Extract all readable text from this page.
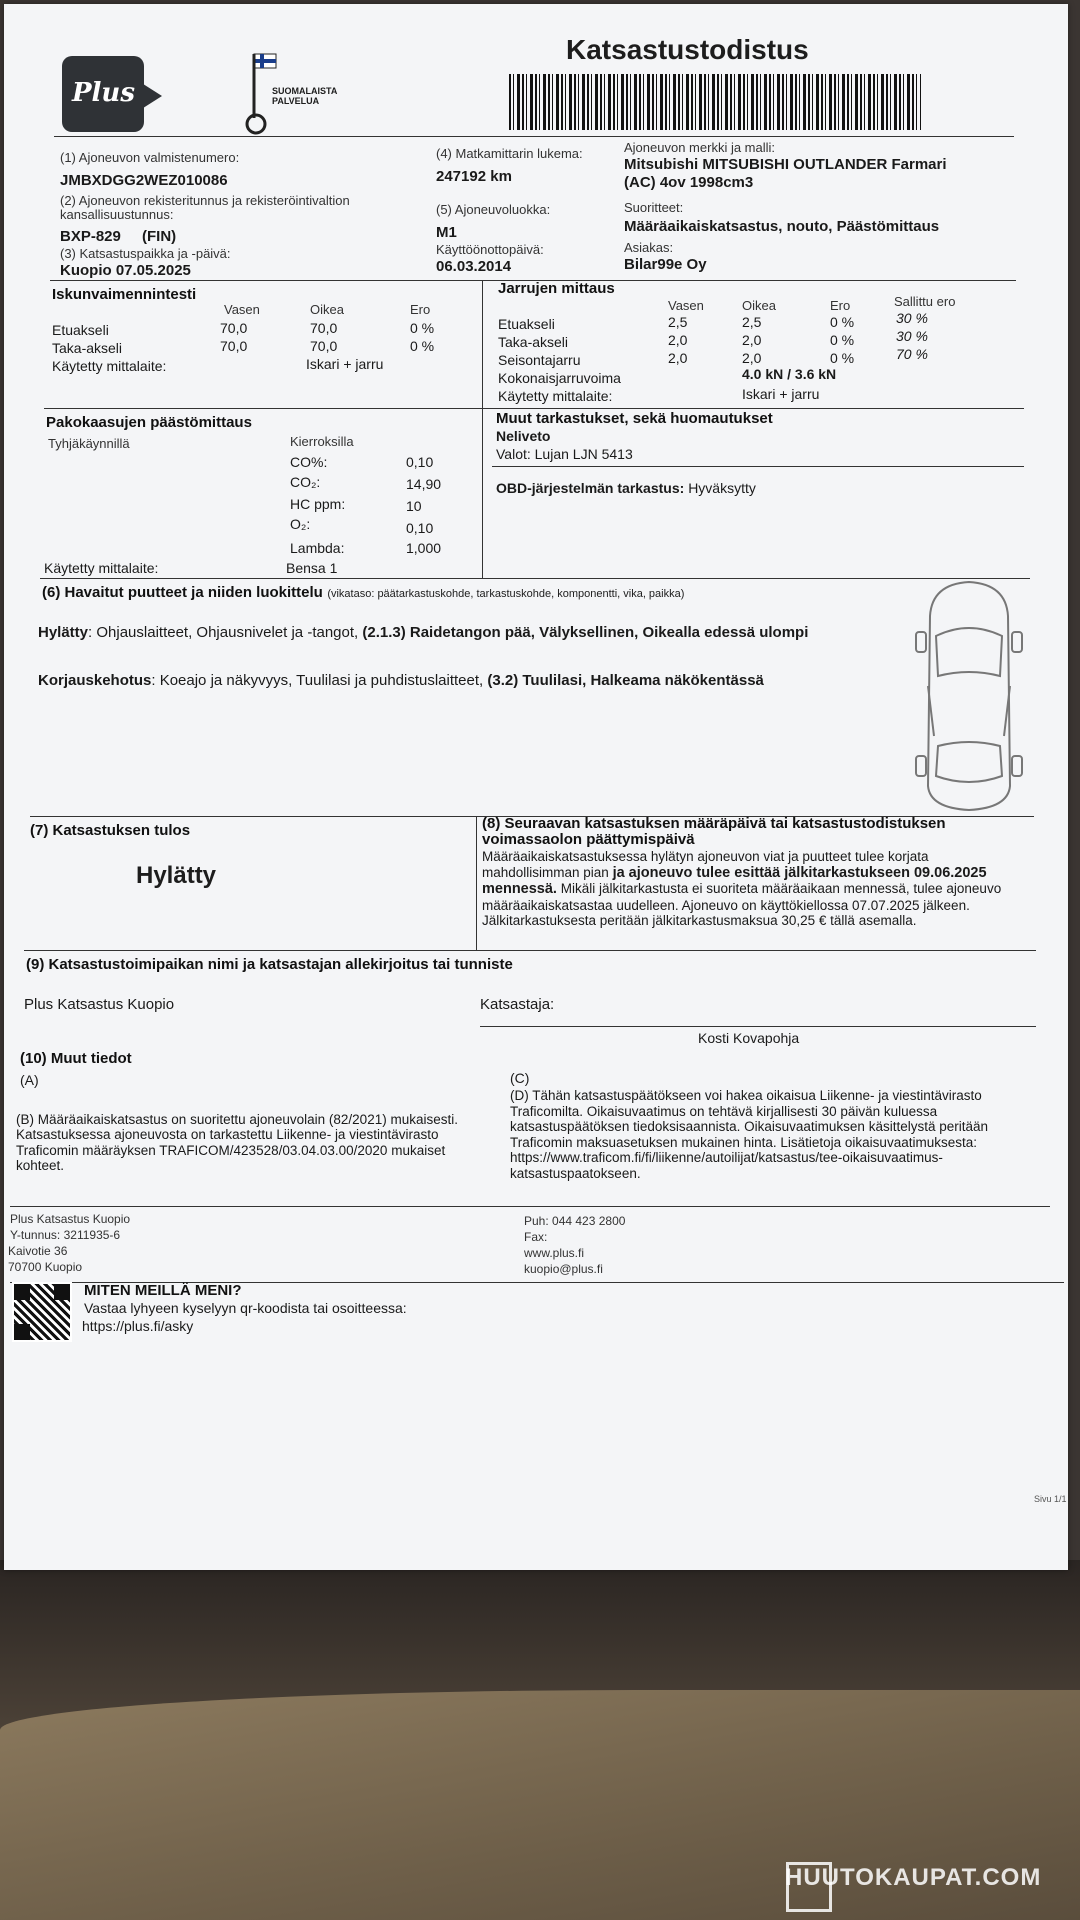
Plus	SUOMALAISTA PALVELUA
Katsastustodistus
(1) Ajoneuvon valmistenumero:
JMBXDGG2WEZ010086
(2) Ajoneuvon rekisteritunnus ja rekisteröintivaltion kansallisuustunnus:
BXP-829 (FIN)
(3) Katsastuspaikka ja -päivä:
Kuopio 07.05.2025
(4) Matkamittarin lukema:
247192 km
(5) Ajoneuvoluokka:
M1
Käyttöönottopäivä:
06.03.2014
Ajoneuvon merkki ja malli:
Mitsubishi MITSUBISHI OUTLANDER Farmari
(AC) 4ov 1998cm3
Suoritteet:
Määräaikaiskatsastus, nouto, Päästömittaus
Asiakas:
Bilar99e Oy
Iskunvaimennintesti
Vasen	Oikea	Ero
Etuakseli	70,0	70,0	0 %
Taka-akseli	70,0	70,0	0 %
Käytetty mittalaite:	Iskari + jarru
Jarrujen mittaus
Vasen	Oikea	Ero	Sallittu ero
Etuakseli	2,5	2,5	0 %	30 %
Taka-akseli	2,0	2,0	0 %	30 %
Seisontajarru	2,0	2,0	0 %	70 %
Kokonaisjarruvoima	4.0 kN / 3.6 kN
Käytetty mittalaite:	Iskari + jarru
Pakokaasujen päästömittaus
Tyhjäkäynnillä	Kierroksilla
CO%:	0,10
CO₂:	14,90
HC ppm:	10
O₂:	0,10
Lambda:	1,000
Käytetty mittalaite:	Bensa 1
Muut tarkastukset, sekä huomautukset
Neliveto
Valot: Lujan LJN 5413
OBD-järjestelmän tarkastus: Hyväksytty
(6) Havaitut puutteet ja niiden luokittelu (vikataso: päätarkastuskohde, tarkastuskohde, komponentti, vika, paikka)
Hylätty: Ohjauslaitteet, Ohjausnivelet ja -tangot, (2.1.3) Raidetangon pää, Välyksellinen, Oikealla edessä ulompi
Korjauskehotus: Koeajo ja näkyvyys, Tuulilasi ja puhdistuslaitteet, (3.2) Tuulilasi, Halkeama näkökentässä
(7) Katsastuksen tulos
Hylätty
(8) Seuraavan katsastuksen määräpäivä tai katsastustodistuksen voimassaolon päättymispäivä
Määräaikaiskatsastuksessa hylätyn ajoneuvon viat ja puutteet tulee korjata mahdollisimman pian ja ajoneuvo tulee esittää jälkitarkastukseen 09.06.2025 mennessä. Mikäli jälkitarkastusta ei suoriteta määräaikaan mennessä, tulee ajoneuvo määräaikaiskatsastaa uudelleen. Ajoneuvo on käyttökiellossa 07.07.2025 jälkeen. Jälkitarkastuksesta peritään jälkitarkastusmaksua 30,25 € tällä asemalla.
(9) Katsastustoimipaikan nimi ja katsastajan allekirjoitus tai tunniste
Plus Katsastus Kuopio	Katsastaja:
Kosti Kovapohja
(10) Muut tiedot
(A)
(B) Määräaikaiskatsastus on suoritettu ajoneuvolain (82/2021) mukaisesti. Katsastuksessa ajoneuvosta on tarkastettu Liikenne- ja viestintävirasto Traficomin määräyksen TRAFICOM/423528/03.04.03.00/2020 mukaiset kohteet.
(C)
(D) Tähän katsastuspäätökseen voi hakea oikaisua Liikenne- ja viestintävirasto Traficomilta. Oikaisuvaatimus on tehtävä kirjallisesti 30 päivän kuluessa katsastuspäätöksen tiedoksisaannista. Oikaisuvaatimuksen käsittelystä peritään Traficomin maksuasetuksen mukainen hinta. Lisätietoja oikaisuvaatimuksesta: https://www.traficom.fi/fi/liikenne/autoilijat/katsastus/tee-oikaisuvaatimus-katsastuspaatokseen.
Plus Katsastus Kuopio
Y-tunnus: 3211935-6
Kaivotie 36
70700 Kuopio
Puh: 044 423 2800
Fax:
www.plus.fi
kuopio@plus.fi
MITEN MEILLÄ MENI?
Vastaa lyhyeen kyselyyn qr-koodista tai osoitteessa:
https://plus.fi/asky
Sivu 1/1
HUUTOKAUPAT.COM
